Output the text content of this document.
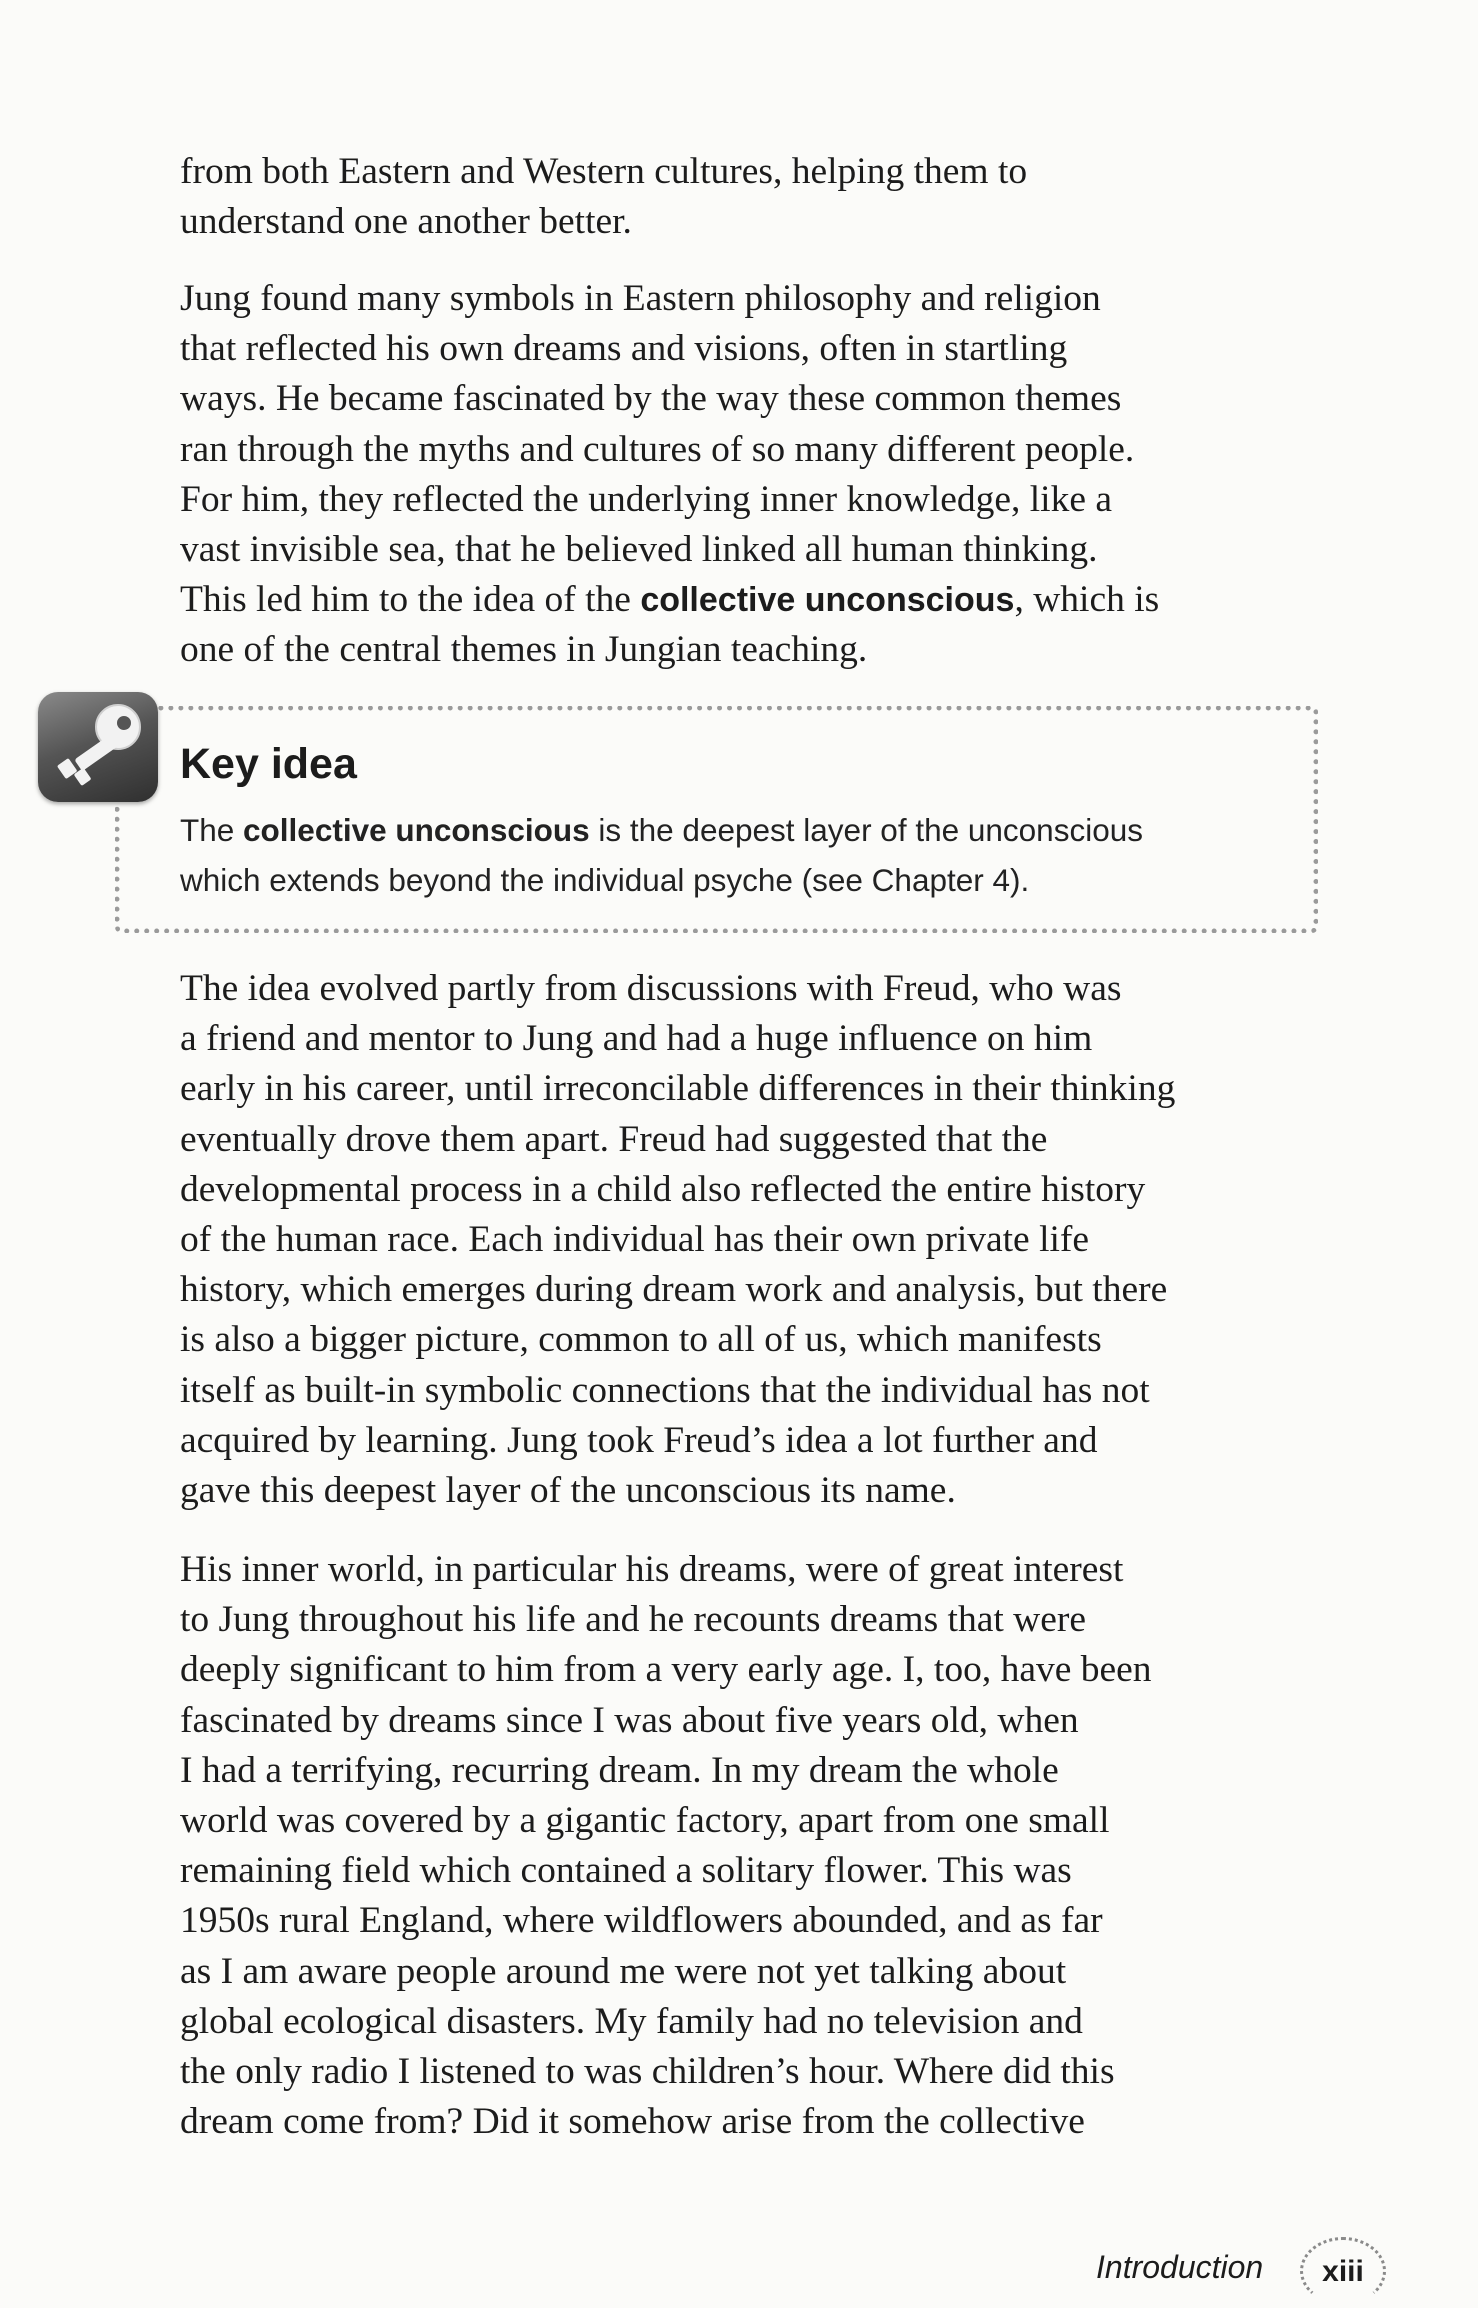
from both Eastern and Western cultures, helping them to
understand one another better.
Jung found many symbols in Eastern philosophy and religion
that reflected his own dreams and visions, often in startling
ways. He became fascinated by the way these common themes
ran through the myths and cultures of so many different people.
For him, they reflected the underlying inner knowledge, like a
vast invisible sea, that he believed linked all human thinking.
This led him to the idea of the collective unconscious, which is
one of the central themes in Jungian teaching.
Key idea
The collective unconscious is the deepest layer of the unconscious
which extends beyond the individual psyche (see Chapter 4).
The idea evolved partly from discussions with Freud, who was
a friend and mentor to Jung and had a huge influence on him
early in his career, until irreconcilable differences in their thinking
eventually drove them apart. Freud had suggested that the
developmental process in a child also reflected the entire history
of the human race. Each individual has their own private life
history, which emerges during dream work and analysis, but there
is also a bigger picture, common to all of us, which manifests
itself as built-in symbolic connections that the individual has not
acquired by learning. Jung took Freud’s idea a lot further and
gave this deepest layer of the unconscious its name.
His inner world, in particular his dreams, were of great interest
to Jung throughout his life and he recounts dreams that were
deeply significant to him from a very early age. I, too, have been
fascinated by dreams since I was about five years old, when
I had a terrifying, recurring dream. In my dream the whole
world was covered by a gigantic factory, apart from one small
remaining field which contained a solitary flower. This was
1950s rural England, where wildflowers abounded, and as far
as I am aware people around me were not yet talking about
global ecological disasters. My family had no television and
the only radio I listened to was children’s hour. Where did this
dream come from? Did it somehow arise from the collective
Introduction	xiii
